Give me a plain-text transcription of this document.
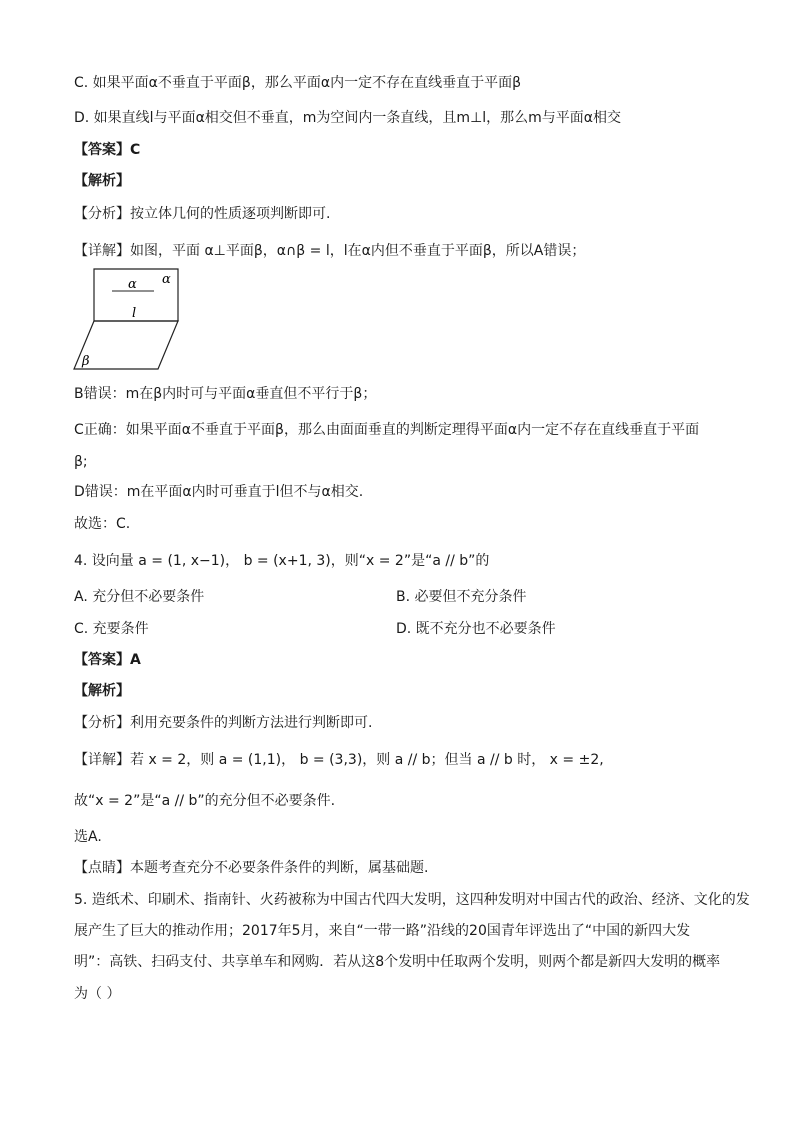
C. 如果平面α不垂直于平面β，那么平面α内一定不存在直线垂直于平面β
D. 如果直线l与平面α相交但不垂直，m为空间内一条直线，且m⊥l，那么m与平面α相交
【答案】C
【解析】
【分析】按立体几何的性质逐项判断即可.
【详解】如图，平面 α⊥平面β，α∩β = l，l在α内但不垂直于平面β，所以A错误；
α
α
l
β
B错误：m在β内时可与平面α垂直但不平行于β；
C正确：如果平面α不垂直于平面β，那么由面面垂直的判断定理得平面α内一定不存在直线垂直于平面
β;
D错误：m在平面α内时可垂直于l但不与α相交.
故选：C.
4. 设向量 a = (1, x−1)， b = (x+1, 3)，则“x = 2”是“a // b”的
A. 充分但不必要条件	B. 必要但不充分条件
C. 充要条件	D. 既不充分也不必要条件
【答案】A
【解析】
【分析】利用充要条件的判断方法进行判断即可.
【详解】若 x = 2，则 a = (1,1)， b = (3,3)，则 a // b；但当 a // b 时， x = ±2,
故“x = 2”是“a // b”的充分但不必要条件.
选A.
【点睛】本题考查充分不必要条件条件的判断，属基础题.
5. 造纸术、印刷术、指南针、火药被称为中国古代四大发明，这四种发明对中国古代的政治、经济、文化的发
展产生了巨大的推动作用；2017年5月，来自“一带一路”沿线的20国青年评选出了“中国的新四大发
明”：高铁、扫码支付、共享单车和网购．若从这8个发明中任取两个发明，则两个都是新四大发明的概率
为（ ）
